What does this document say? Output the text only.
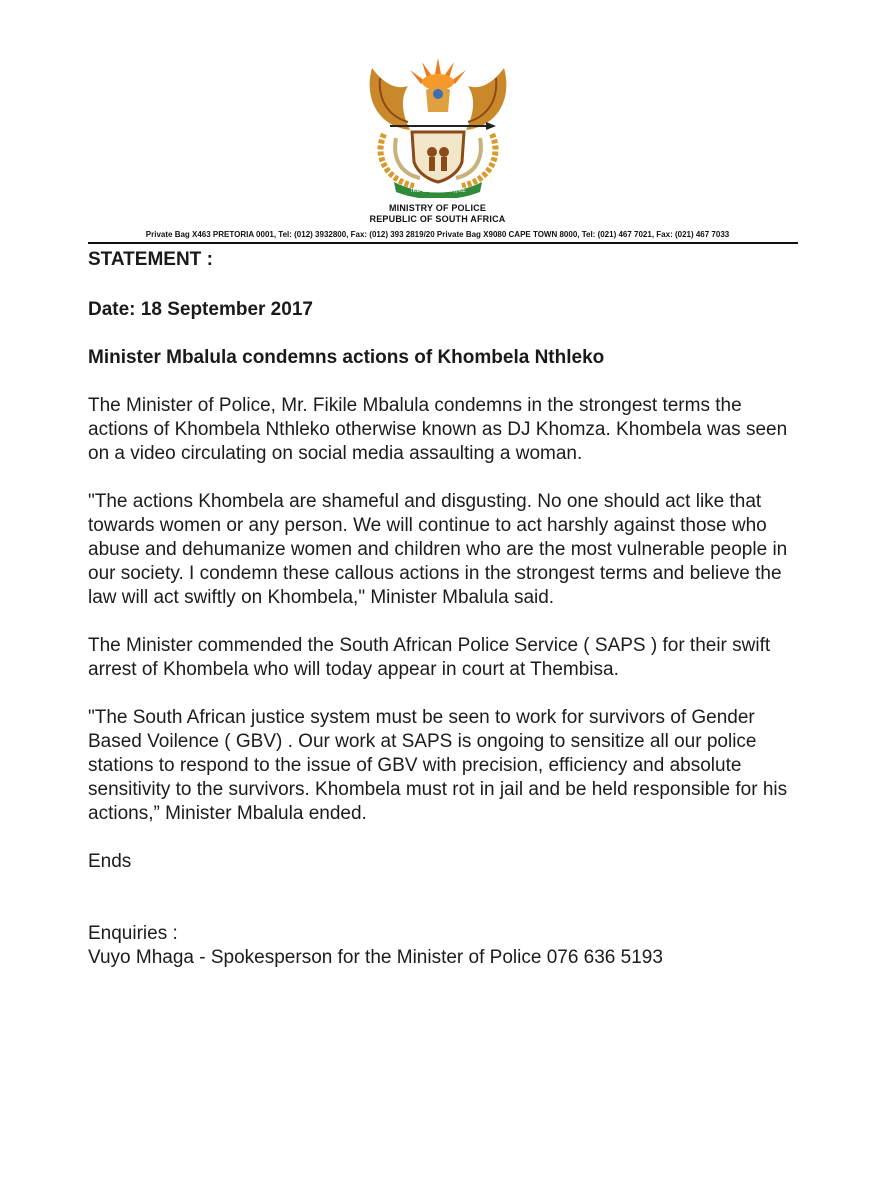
!KE E: /XARRA //KE
MINISTRY OF POLICE
REPUBLIC OF SOUTH AFRICA
Private Bag X463 PRETORIA 0001, Tel: (012) 3932800, Fax: (012) 393 2819/20 Private Bag X9080 CAPE TOWN 8000, Tel: (021) 467 7021, Fax: (021) 467 7033

STATEMENT :

Date: 18 September 2017

Minister Mbalula condemns actions of Khombela Nthleko

The Minister of Police, Mr. Fikile Mbalula condemns in the strongest terms the actions of Khombela Nthleko otherwise known as DJ Khomza. Khombela was seen on a video circulating on social media assaulting a woman.

"The actions Khombela are shameful and disgusting. No one should act like that towards women or any person. We will continue to act harshly against those who abuse and dehumanize women and children who are the most vulnerable people in our society. I condemn these callous actions in the strongest terms and believe the law will act swiftly on Khombela," Minister Mbalula said.

The Minister commended the South African Police Service ( SAPS ) for their swift arrest of Khombela who will today appear in court at Thembisa.

"The South African justice system must be seen to work for survivors of Gender Based Voilence ( GBV) . Our work at SAPS is ongoing to sensitize all our police stations to respond to the issue of GBV with precision, efficiency and absolute sensitivity to the survivors. Khombela must rot in jail and be held responsible for his actions,” Minister Mbalula ended.

Ends

Enquiries :

Vuyo Mhaga - Spokesperson for the Minister of Police 076 636 5193
